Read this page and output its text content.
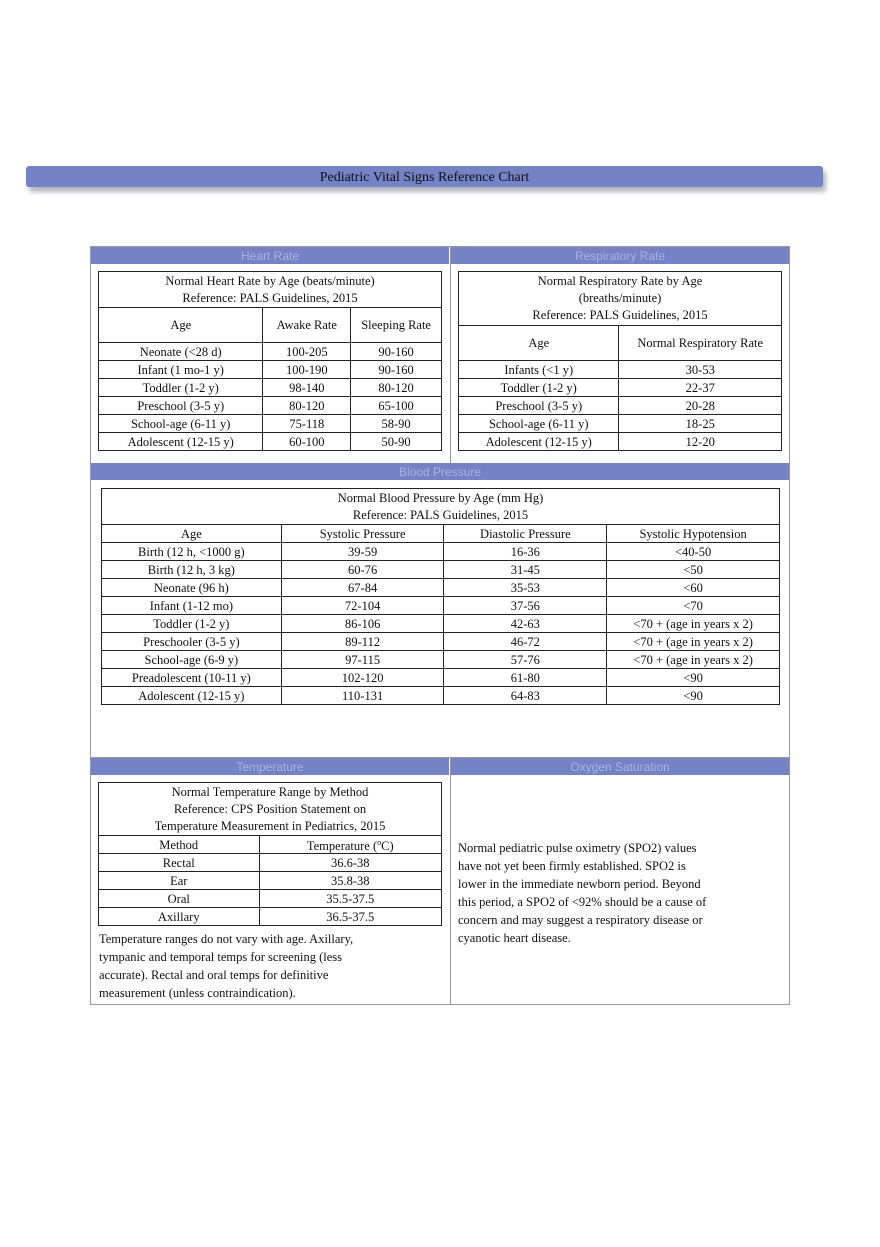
Pediatric Vital Signs Reference Chart
Heart Rate	Respiratory Rate
Blood Pressure
Temperature	Oxygen Saturation
Normal Heart Rate by Age (beats/minute)
Reference: PALS Guidelines, 2015		
Age	Awake Rate	Sleeping Rate
Neonate (<28 d)	100-205	90-160
Infant (1 mo-1 y)	100-190	90-160
Toddler (1-2 y)	98-140	80-120
Preschool (3-5 y)	80-120	65-100
School-age (6-11 y)	75-118	58-90
Adolescent (12-15 y)	60-100	50-90
Normal Respiratory Rate by Age
(breaths/minute)
Reference: PALS Guidelines, 2015	
Age	Normal Respiratory Rate
Infants (<1 y)	30-53
Toddler (1-2 y)	22-37
Preschool (3-5 y)	20-28
School-age (6-11 y)	18-25
Adolescent (12-15 y)	12-20
Normal Blood Pressure by Age (mm Hg)
Reference: PALS Guidelines, 2015			
Age	Systolic Pressure	Diastolic Pressure	Systolic Hypotension
Birth (12 h, <1000 g)	39-59	16-36	<40-50
Birth (12 h, 3 kg)	60-76	31-45	<50
Neonate (96 h)	67-84	35-53	<60
Infant (1-12 mo)	72-104	37-56	<70
Toddler (1-2 y)	86-106	42-63	<70 + (age in years x 2)
Preschooler (3-5 y)	89-112	46-72	<70 + (age in years x 2)
School-age (6-9 y)	97-115	57-76	<70 + (age in years x 2)
Preadolescent (10-11 y)	102-120	61-80	<90
Adolescent (12-15 y)	110-131	64-83	<90
Normal Temperature Range by Method
Reference: CPS Position Statement on
Temperature Measurement in Pediatrics, 2015	
Method	Temperature ($^o$C)
Rectal	36.6-38
Ear	35.8-38
Oral	35.5-37.5
Axillary	36.5-37.5
Temperature ranges do not vary with age. Axillary,
tympanic and temporal temps for screening (less
accurate). Rectal and oral temps for definitive
measurement (unless contraindication).
Normal pediatric pulse oximetry (SPO2) values
have not yet been firmly established. SPO2 is
lower in the immediate newborn period. Beyond
this period, a SPO2 of <92% should be a cause of
concern and may suggest a respiratory disease or
cyanotic heart disease.
